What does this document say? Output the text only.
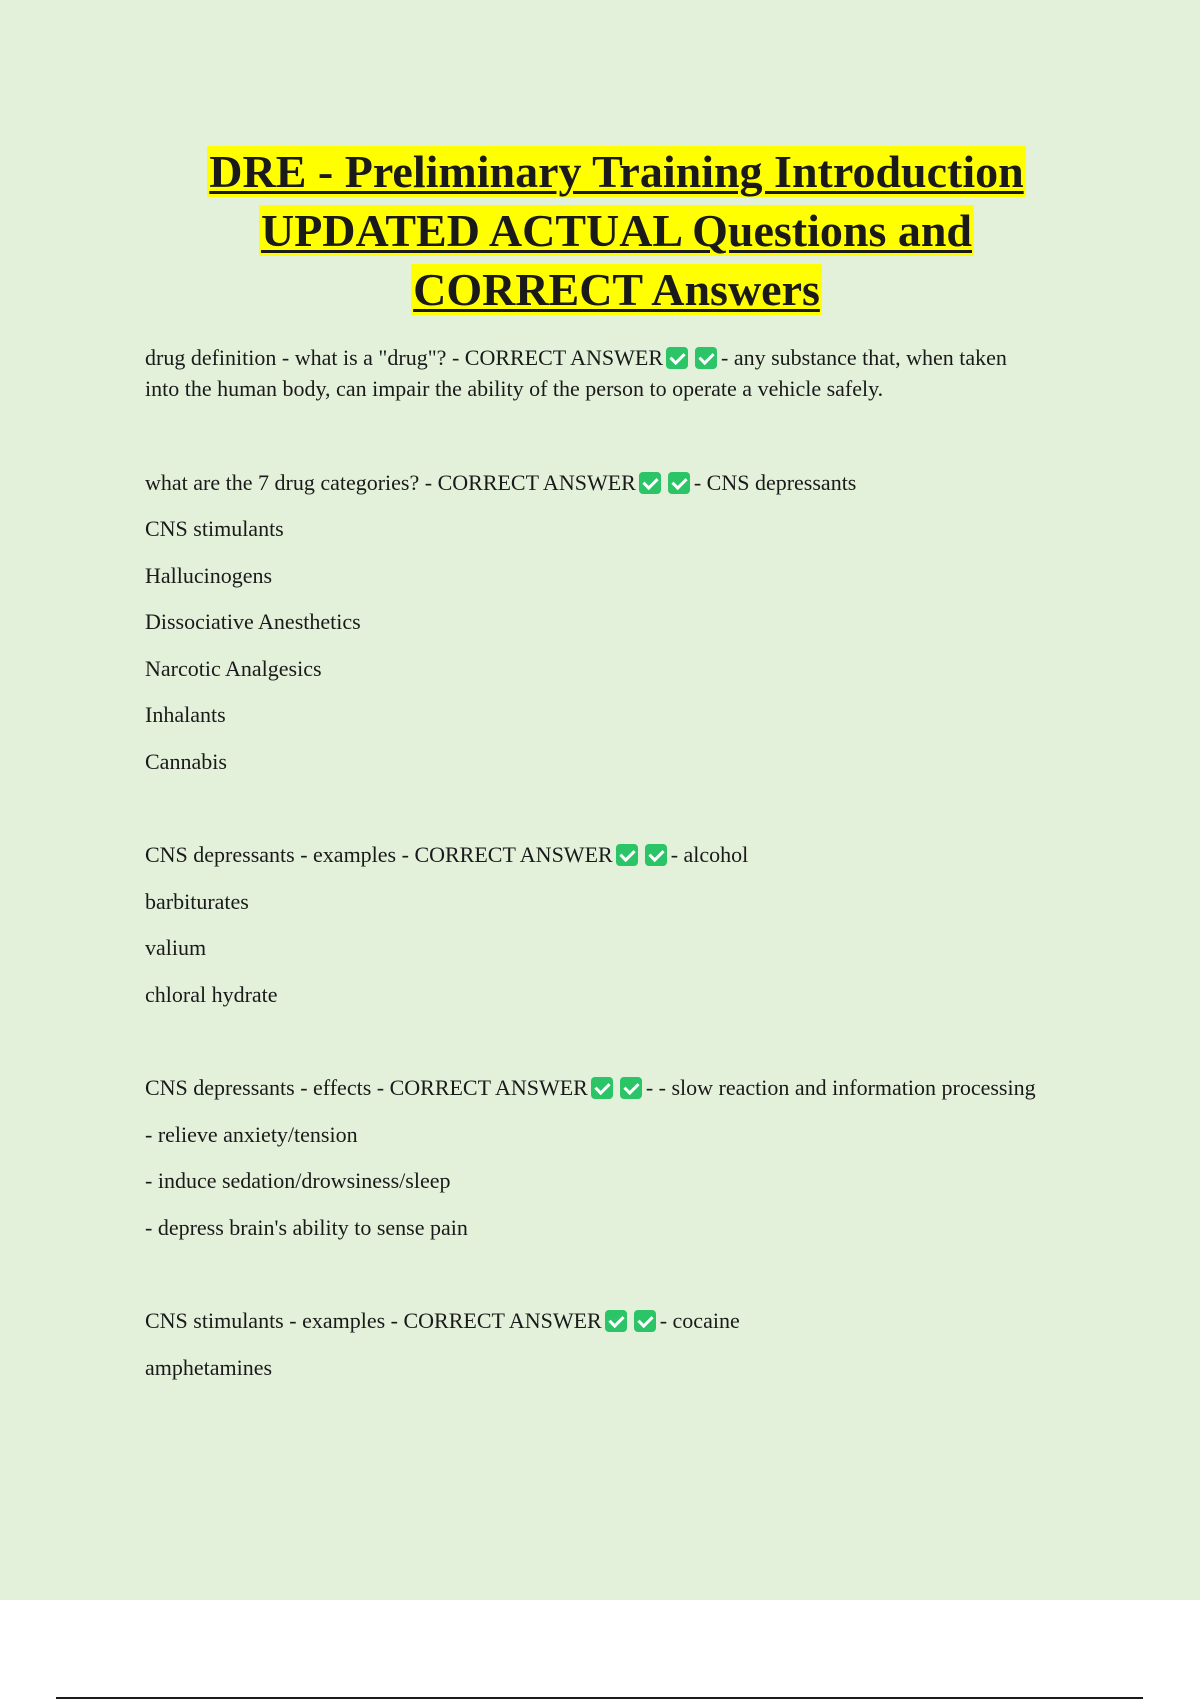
DRE - Preliminary Training Introduction
UPDATED ACTUAL Questions and
CORRECT Answers

drug definition - what is a "drug"? - CORRECT ANSWER	- any substance that, when taken into the human body, can impair the ability of the person to operate a vehicle safely.

what are the 7 drug categories? - CORRECT ANSWER	- CNS depressants

CNS stimulants

Hallucinogens

Dissociative Anesthetics

Narcotic Analgesics

Inhalants

Cannabis

CNS depressants - examples - CORRECT ANSWER	- alcohol

barbiturates

valium

chloral hydrate

CNS depressants - effects - CORRECT ANSWER	- - slow reaction and information processing

- relieve anxiety/tension

- induce sedation/drowsiness/sleep

- depress brain's ability to sense pain

CNS stimulants - examples - CORRECT ANSWER	- cocaine

amphetamines
